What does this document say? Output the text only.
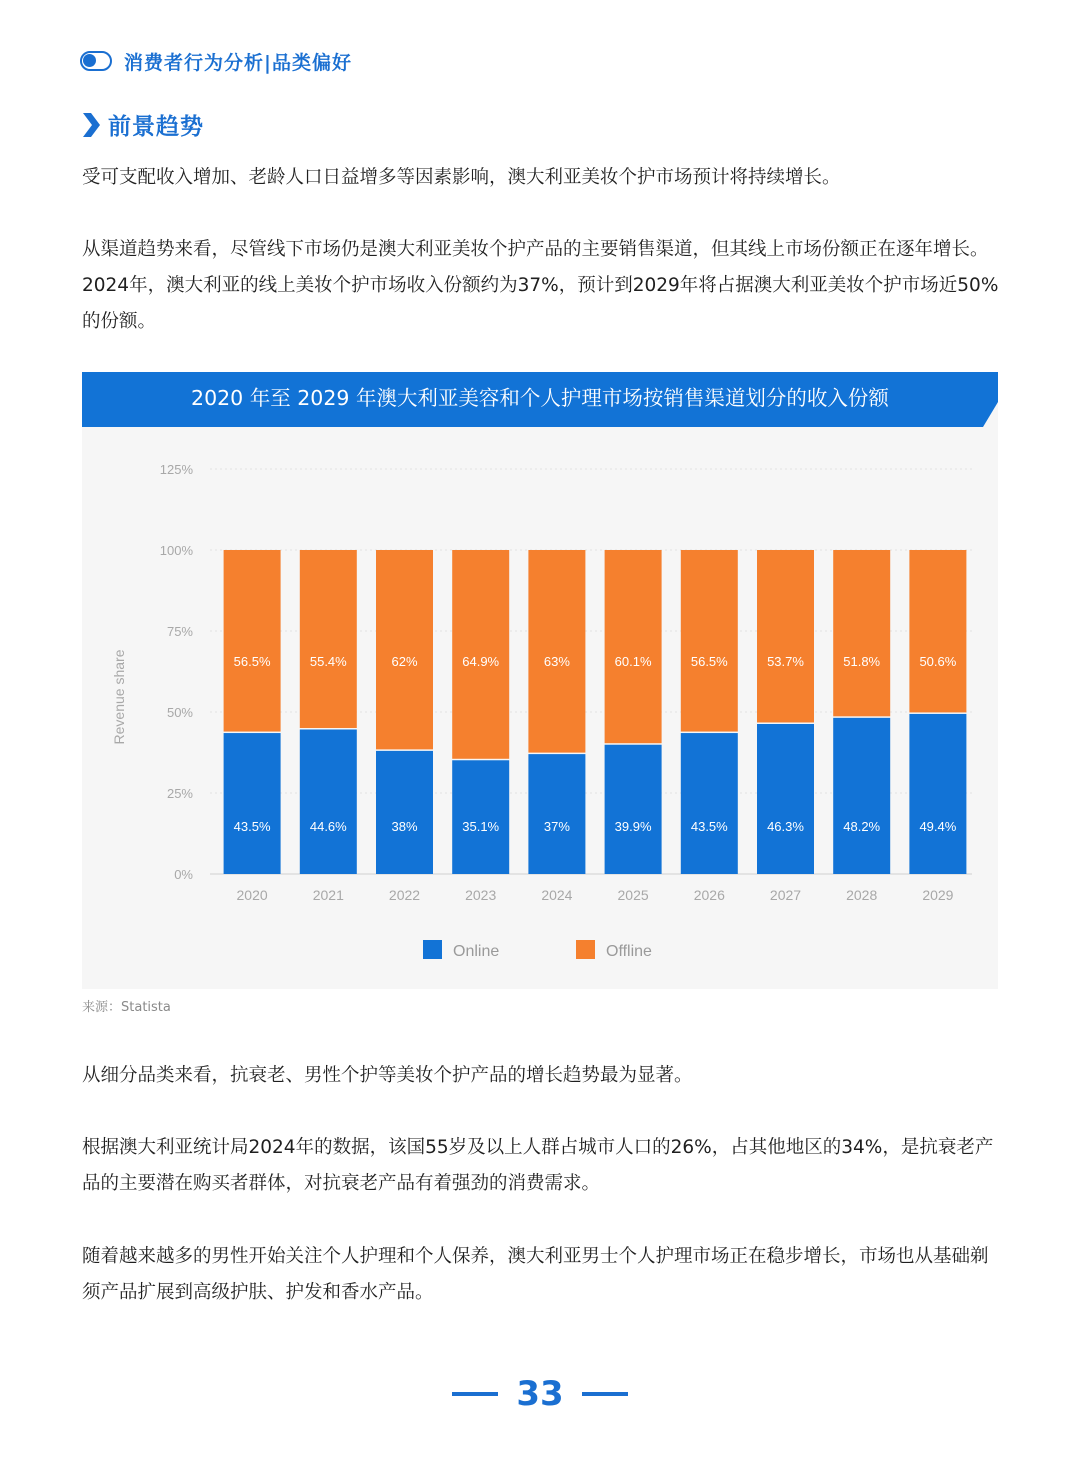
消费者行为分析|品类偏好
前景趋势

受可支配收入增加、老龄人口日益增多等因素影响，澳大利亚美妆个护市场预计将持续增长。

从渠道趋势来看，尽管线下市场仍是澳大利亚美妆个护产品的主要销售渠道，但其线上市场份额正在逐年增长。2024年，澳大利亚的线上美妆个护市场收入份额约为37%，预计到2029年将占据澳大利亚美妆个护市场近50%的份额。

2020 年至 2029 年澳大利亚美容和个人护理市场按销售渠道划分的收入份额
0%
25%
50%
75%
100%
125%
Revenue share
43.5%
56.5%
2020
44.6%
55.4%
2021
38%
62%
2022
35.1%
64.9%
2023
37%
63%
2024
39.9%
60.1%
2025
43.5%
56.5%
2026
46.3%
53.7%
2027
48.2%
51.8%
2028
49.4%
50.6%
2029
Online	Offline
来源：Statista

从细分品类来看，抗衰老、男性个护等美妆个护产品的增长趋势最为显著。

根据澳大利亚统计局2024年的数据，该国55岁及以上人群占城市人口的26%，占其他地区的34%，是抗衰老产品的主要潜在购买者群体，对抗衰老产品有着强劲的消费需求。

随着越来越多的男性开始关注个人护理和个人保养，澳大利亚男士个人护理市场正在稳步增长，市场也从基础剃须产品扩展到高级护肤、护发和香水产品。

33
